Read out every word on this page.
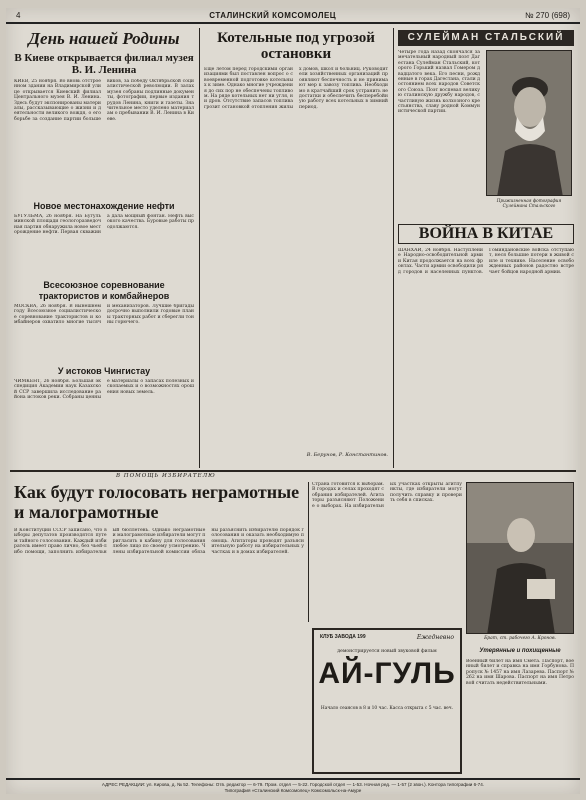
4	СТАЛИНСКИЙ КОМСОМОЛЕЦ	№ 270 (698)
День нашей Родины
В Киеве открывается филиал музея В. И. Ленина
КИЕВ, 25 ноября. Во вновь отстроенном здании на Владимирской улице открывается Киевский филиал Центрального музея В. И. Ленина. Здесь будут экспонированы материалы, рассказывающие о жизни и деятельности великого вождя, о его борьбе за создание партии большевиков, за победу Октябрьской социалистической революции. В залах музея собраны подлинные документы, фотографии, первые издания трудов Ленина, книги и газеты. Значительное место уделено материалам о пребывании В. И. Ленина в Киеве.
Новое местонахождение нефти
БУГУЛЬМА, 26 ноября. На Бугульминской площади геологоразведочная партия обнаружила новое месторождение нефти. Первая скважина дала мощный фонтан. Нефть высокого качества. Буровые работы продолжаются.
Всесоюзное соревнование трактористов и комбайнеров
МОСКВА, 26 ноября. В нынешнем году Всесоюзное социалистическое соревнование трактористов и комбайнеров охватило многие тысячи механизаторов. Лучшие бригады досрочно выполнили годовые планы тракторных работ и сберегли тонны горючего.
У истоков Чингистау
ЧИМКЕНТ, 26 ноября. Большая экспедиция Академии наук Казахской ССР завершила исследование района истоков реки. Собраны ценные материалы о запасах полезных ископаемых и о возможностях орошения новых земель.
Котельные под угрозой остановки
Еще летом перед городскими организациями был поставлен вопрос о своевременной подготовке котельных к зиме. Однако многие учреждения до сих пор не обеспечены топливом. На ряде котельных нет ни угля, ни дров. Отсутствие запасов топлива грозит остановкой отопления жилых домов, школ и больниц. Руководители хозяйственных организаций проявляют беспечность и не принимают мер к завозу топлива. Необходимо в кратчайший срок устранить недостатки и обеспечить бесперебойную работу всех котельных в зимний период.
В. Берунов, Р. Константинов.
СУЛЕЙМАН СТАЛЬСКИЙ
Четыре года назад скончался замечательный народный поэт Дагестана Сулейман Стальский, которого Горький назвал Гомером двадцатого века. Его песни, рожденные в горах Дагестана, стали достоянием всех народов Советского Союза. Поэт воспевал великую сталинскую дружбу народов, счастливую жизнь колхозного крестьянства, славу родной Коммунистической партии.
Прижизненная фотография Сулеймана Стальского
ВОЙНА В КИТАЕ
ШАНХАЙ, 24 ноября. Наступление Народно-освободительной армии Китая продолжается на всех фронтах. Части армии освободили ряд городов и населенных пунктов. Гоминдановские войска отступают, неся большие потери в живой силе и технике. Население освобожденных районов радостно встречает бойцов народной армии.
В ПОМОЩЬ ИЗБИРАТЕЛЮ
Как будут голосовать неграмотные и малограмотные
В Конституции СССР записано, что выборы депутатов производятся путем тайного голосования. Каждый избиратель имеет право лично, без чьей-либо помощи, заполнить избирательный бюллетень. Однако неграмотные и малограмотные избиратели могут пригласить в кабину для голосования любое лицо по своему усмотрению. Члены избирательной комиссии обязаны разъяснить избирателю порядок голосования и оказать необходимую помощь. Агитаторы проводят разъяснительную работу на избирательных участках и в домах избирателей.
Страна готовится к выборам. В городах и селах проходят собрания избирателей. Агитаторы разъясняют Положение о выборах. На избирательных участках открыты агитпункты, где избиратели могут получить справку и проверить себя в списках.
Брат, ст. рабочего А. Кронов.
КЛУБ ЗАВОДА 199	Ежедневно
демонстрируется новый звуковой фильм
АЙ-ГУЛЬ
Начало сеансов в 8 и 10 час. Касса открыта с 5 час. веч.
Утерянные и похищенные
Военный билет на имя Смета. Паспорт, военный билет и справка на имя Горбунова. Пропуск № 1457 на имя Лазарева. Паспорт № 262 на имя Шарова. Паспорт на имя Петровой считать недействительными.
АДРЕС РЕДАКЦИИ: ул. Кирова, д. № 52. Телефоны: Отв. редактор — 6-79. Пром. отдел — 5-22. Городской отдел — 1-53. Ночная ред. — 1-57 (2 звон.). Контора типографии 6-74.
Типография «Сталинский Комсомолец» Комсомольск-на-Амуре
